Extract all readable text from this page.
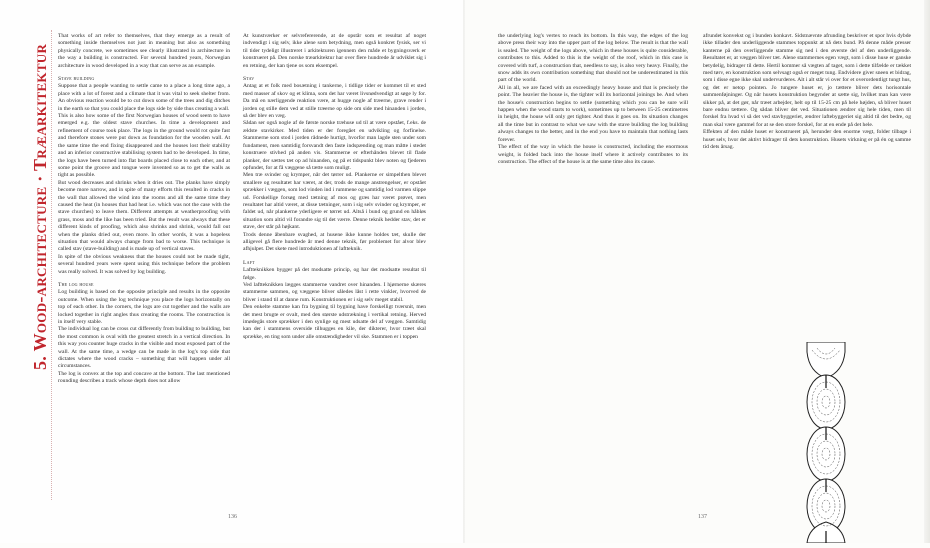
5. Wood-architecture · Træarkitektur

That works of art refer to themselves, that they emerge as a result of something inside themselves not just in meaning but also as something physically concrete, we sometimes see clearly illustrated in architecture in the way a building is constructed. For several hundred years, Norwegian architecture in wood developed in a way that can serve as an example.

Stave building

Suppose that a people wanting to settle came to a place a long time ago, a place with a lot of forest and a climate that it was vital to seek shelter from. An obvious reaction would be to cut down some of the trees and dig ditches in the earth so that you could place the logs side by side thus creating a wall.

This is also how some of the first Norwegian houses of wood seem to have emerged e.g. the oldest stave churches. In time a development and refinement of course took place. The logs in the ground would rot quite fast and therefore stones were put down as foundation for the wooden wall. At the same time the end fixing disappeared and the houses lost their stability and an inferior constructive stabilising system had to be developed. In time, the logs have been turned into flat boards placed close to each other, and at some point the groove and tongue were invented so as to get the walls as tight as possible.

But wood decreases and shrinks when it dries out. The planks have simply become more narrow, and in spite of many efforts this resulted in cracks in the wall that allowed the wind into the rooms and all the same time they caused the heat (in houses that had heat i.e. which was not the case with the stave churches) to leave them. Different attempts at weatherproofing with grass, moss and the like has been tried. But the result was always that these different kinds of proofing, which also shrinks and shrink, would fall out when the planks dried out, even more. In other words, it was a hopeless situation that would always change from bad to worse. This technique is called stav (stave-building) and is made up of vertical staves.

In spite of the obvious weakness that the houses could not be made tight, several hundred years were spent using this technique before the problem was really solved. It was solved by log building.

The log house

Log building is based on the opposite principle and results in the opposite outcome. When using the log technique you place the logs horizontally on top of each other. In the corners, the logs are cut together and the walls are locked together in right angles thus creating the rooms. The construction is in itself very stable.

The individual log can be cross cut differently from building to building, but the most common is oval with the greatest stretch in a vertical direction. In this way you counter huge cracks in the visible and most exposed part of the wall. At the same time, a wedge can be made in the log's top side that dictates where the wood cracks – something that will happen under all circumstances.

The log is convex at the top and concave at the bottom. The last mentioned rounding describes a track whose depth does not allow

At kunstværker er selvrefererende, at de opstår som et resultat af noget indvendigt i sig selv, ikke alene som betydning, men også konkret fysisk, ser vi til tider tydeligt illustreret i arkitekturen igennem den måde et bygningsværk er konstrueret på. Den norske træarkitektur har over flere hundrede år udviklet sig i en retning, der kan tjene os som eksempel.

Stav

Antag at et folk med bosætning i tankerne, i tidlige tider er kommet til et sted med masser af skov og et klima, som det har været livsnødvendigt at søge ly for. Da må en nærliggende reaktion være, at hugge nogle af træerne, grave render i jorden og stille dem ved at stille træerne op side om side med hinanden i jorden, så der blev en væg.

Sådan ser også nogle af de første norske træhuse ud til at være opstået, f.eks. de ældste stavkirker. Med tiden er der foregået en udvikling og forfinelse. Stammerne som stod i jorden rådnede hurtigt, hvorfor man lagde sten under som fundament, men samtidig forsvandt den faste indspænding og man måtte i stedet konstruere stivhed på anden vis. Stammerne er efterhånden blevet til flade planker, der sættes tæt op ad hinanden, og på et tidspunkt blev noten og fjederen opfundet, for at få væggene så tætte som muligt.

Men træ svinder og krymper, når det tørrer ud. Plankerne er simpelthen blevet smallere og resultatet har været, at der, trods de mange anstrengelser, er opstået sprækker i væggen, som lod vinden ind i rummene og samtidig lod varmen slippe ud. Forskellige forsøg med tætning af mos og græs har været prøvet, men resultatet har altid været, at disse tætninger, som i sig selv svinder og krymper, er faldet ud, når plankerne yderligere er tørret ud. Altså i bund og grund en håbløs situation som altid vil forandre sig til det værre. Denne teknik hedder stav, det er stave, der står på højkant.

Trods denne åbenbare svaghed, at husene ikke kunne holdes tæt, skulle der alligevel gå flere hundrede år med denne teknik, før problemet for alvor blev afhjulpet. Det skete med introduktionen af laftteknik.

Laft

Laftteknikken bygger på det modsatte princip, og har det modsatte resultat til følge.

Ved laftteknikken lægges stammerne vandret over hinanden. I hjørnerne skæres stammerne sammen, og væggene bliver således låst i rette vinkler, hvorved de bliver i stand til at danne rum. Konstruktionen er i sig selv meget stabil.

Den enkelte stamme kan fra bygning til bygning have forskelligt tværsnit, men det mest brugte er ovalt, med den største udstrækning i vertikal retning. Herved imødegås store sprækker i den synlige og mest udsatte del af væggen. Samtidig kan der i stammens overside tilhugges en kile, der dikterer, hvor træet skal sprække, en ting som under alle omstændigheder vil ske. Stammen er i toppen

136

the underlying log's vertex to reach its bottom. In this way, the edges of the log above press their way into the upper part of the log below. The result is that the wall is sealed. The weight of the logs above, which in these houses is quite considerable, contributes to this. Added to this is the weight of the roof, which in this case is covered with turf, a construction that, needless to say, is also very heavy. Finally, the snow adds its own contribution something that should not be underestimated in this part of the world.

All in all, we are faced with an exceedingly heavy house and that is precisely the point. The heavier the house is, the tighter will its horizontal joinings be. And when the house's construction begins to settle (something which you can be sure will happen when the wood starts to work), sometimes up to between 15-25 centimetres in height, the house will only get tighter. And thus it goes on. Its situation changes all the time but in contrast to what we saw with the stave building the log building always changes to the better, and in the end you have to maintain that nothing lasts forever.

The effect of the way in which the house is constructed, including the enormous weight, is folded back into the house itself where it actively contributes to its construction. The effect of the house is at the same time also its cause.

afrundet konvekst og i bunden konkavt. Sidstnævnte afrunding beskriver et spor hvis dybde ikke tillader den underliggende stammes toppunkt at nå dets bund. På denne måde presser kanterne på den overliggende stamme sig ned i den øverste del af den underliggende. Resultatet er, at væggen bliver tæt. Alene stammernes egen vægt, som i disse huse er ganske betydelig, bidrager til dette. Hertil kommer så vægten af taget, som i dette tilfælde er tækket med tørv, en konstruktion som selvsagt også er meget tung. Endvidere giver sneen et bidrag, som i disse egne ikke skal undervurderes. Alt i alt står vi over for et overordentligt tungt hus, og det er netop pointen. Jo tungere huset er, jo tættere bliver dets horisontale sammenføjninger. Og når husets konstruktion begynder at sætte sig, hvilket man kan være sikker på, at det gør, når træet arbejder, helt op til 15-25 cm på hele højden, så bliver huset bare endnu tættere. Og sådan bliver det ved. Situationen ændrer sig hele tiden, men til forskel fra hvad vi så det ved stavbyggeriet, ændrer laftebyggeriet sig altid til det bedre, og man skal være gammel for at se den store forskel, for at en ende på det hele.

Effekten af den måde huset er konstrueret på, herunder den enorme vægt, folder tilbage i huset selv, hvor det aktivt bidrager til dets konstruktion. Husets virkning er på én og samme tid dets årsag.

137
